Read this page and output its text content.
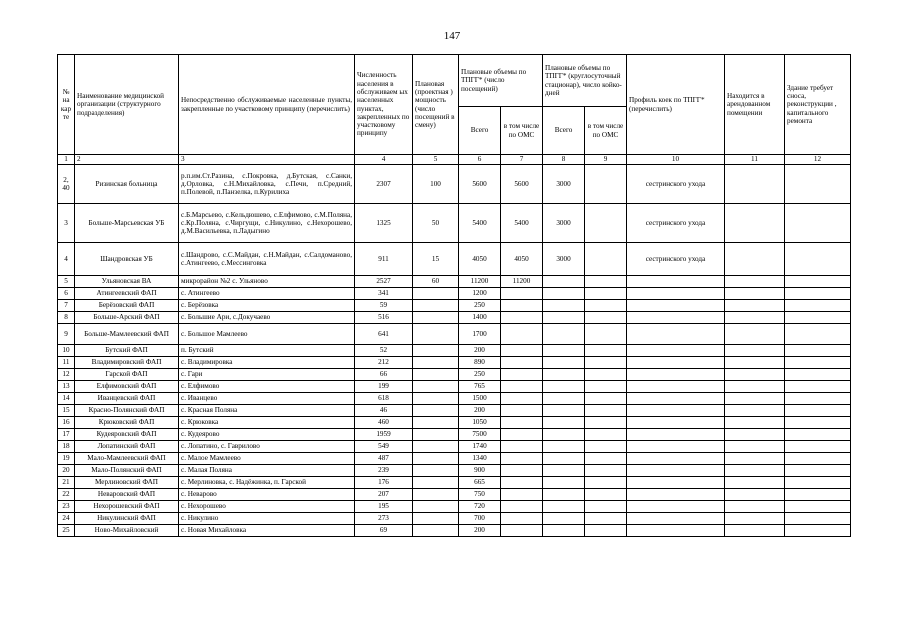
147
№ на кар те	Наименование медицинской организации (структурного подразделения)	Непосредственно обслуживаемые населенные пункты, закрепленные по участковому принципу (перечислить)	Численность населения в обслуживаем ых населенных пунктах, закрепленных по участковому принципу	Плановая (проектная ) мощность (число посещений в смену)	Плановые объемы по ТПГГ* (число посещений)		Плановые объемы по ТПГГ* (круглосуточный стационар), число койко-дней		Профиль коек по ТПГГ* (перечислить)	Находится в арендованном помещении	Здание требует сноса, реконструкции , капитального ремонта
					Всего	в том числе по ОМС	Всего	в том числе по ОМС			
1	2	3	4	5	6	7	8	9	10	11	12
2, 40	Ризинская больница	р.п.им.Ст.Разина, с.Покровка, д.Бутская, с.Санки, д.Орловка, с.Н.Михайловка, с.Печи, п.Средний, п.Полевой, п.Панзелка, п.Курилиха	2307	100	5600	5600	3000		сестринского ухода		
3	Больше-Марсьевская УБ	с.Б.Марсьево, с.Кельдюшево, с.Елфимово, с.М.Поляна, с.Кр.Поляна, с.Чиргущи, с.Никулино, с.Нехорошево, д.М.Васильевка, п.Ладыгино	1325	50	5400	5400	3000		сестринского ухода		
4	Шандровская УБ	с.Шандрово, с.С.Майдан, с.Н.Майдан, с.Салдоманово, с.Атингеево, с.Мессинговка	911	15	4050	4050	3000		сестринского ухода		
5	Ульяновская ВА	микрорайон №2 с. Ульяново	2527	60	11200	11200					
6	Атингеевский ФАП	с. Атингеево	341		1200						
7	Берёзовский ФАП	с. Берёзовка	59		250						
8	Больше-Арский ФАП	с. Большие Ари, с.Докучаево	516		1400						
9	Больше-Мамлеевский ФАП	с. Большое Мамлеево	641		1700						
10	Бутский ФАП	п. Бутский	52		200						
11	Владимировский ФАП	с. Владимировка	212		890						
12	Гарской ФАП	с. Гари	66		250						
13	Елфимовский ФАП	с. Елфимово	199		765						
14	Иванцевский ФАП	с. Иванцево	618		1500						
15	Красно-Полянский ФАП	с. Красная Поляна	46		200						
16	Крюковский ФАП	с. Крюковка	460		1050						
17	Кудеяровский ФАП	с. Кудеярово	1959		7500						
18	Лопатинский ФАП	с. Лопатино, с. Гаврилово	549		1740						
19	Мало-Мамлеевский ФАП	с. Малое Мамлеево	487		1340						
20	Мало-Полянский ФАП	с. Малая Поляна	239		900						
21	Мерлиновский ФАП	с. Мерлиновка, с. Надёжинка, п. Гарской	176		665						
22	Неваровский ФАП	с. Неварово	207		750						
23	Нехорошевский ФАП	с. Нехорошево	195		720						
24	Никулинский ФАП	с. Никулино	273		700						
25	Ново-Михайловский	с. Новая Михайловка	69		200						
